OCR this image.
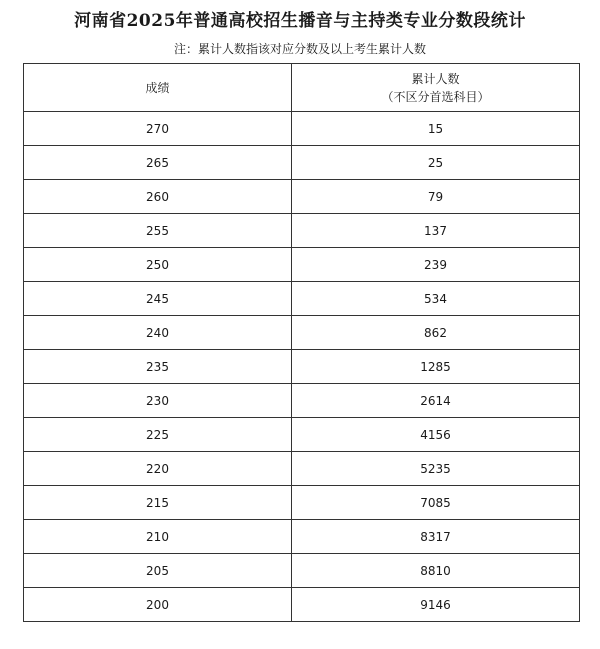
河南省2025年普通高校招生播音与主持类专业分数段统计
注：累计人数指该对应分数及以上考生累计人数
成绩	累计人数
（不区分首选科目）

270	15
265	25
260	79
255	137
250	239
245	534
240	862
235	1285
230	2614
225	4156
220	5235
215	7085
210	8317
205	8810
200	9146
